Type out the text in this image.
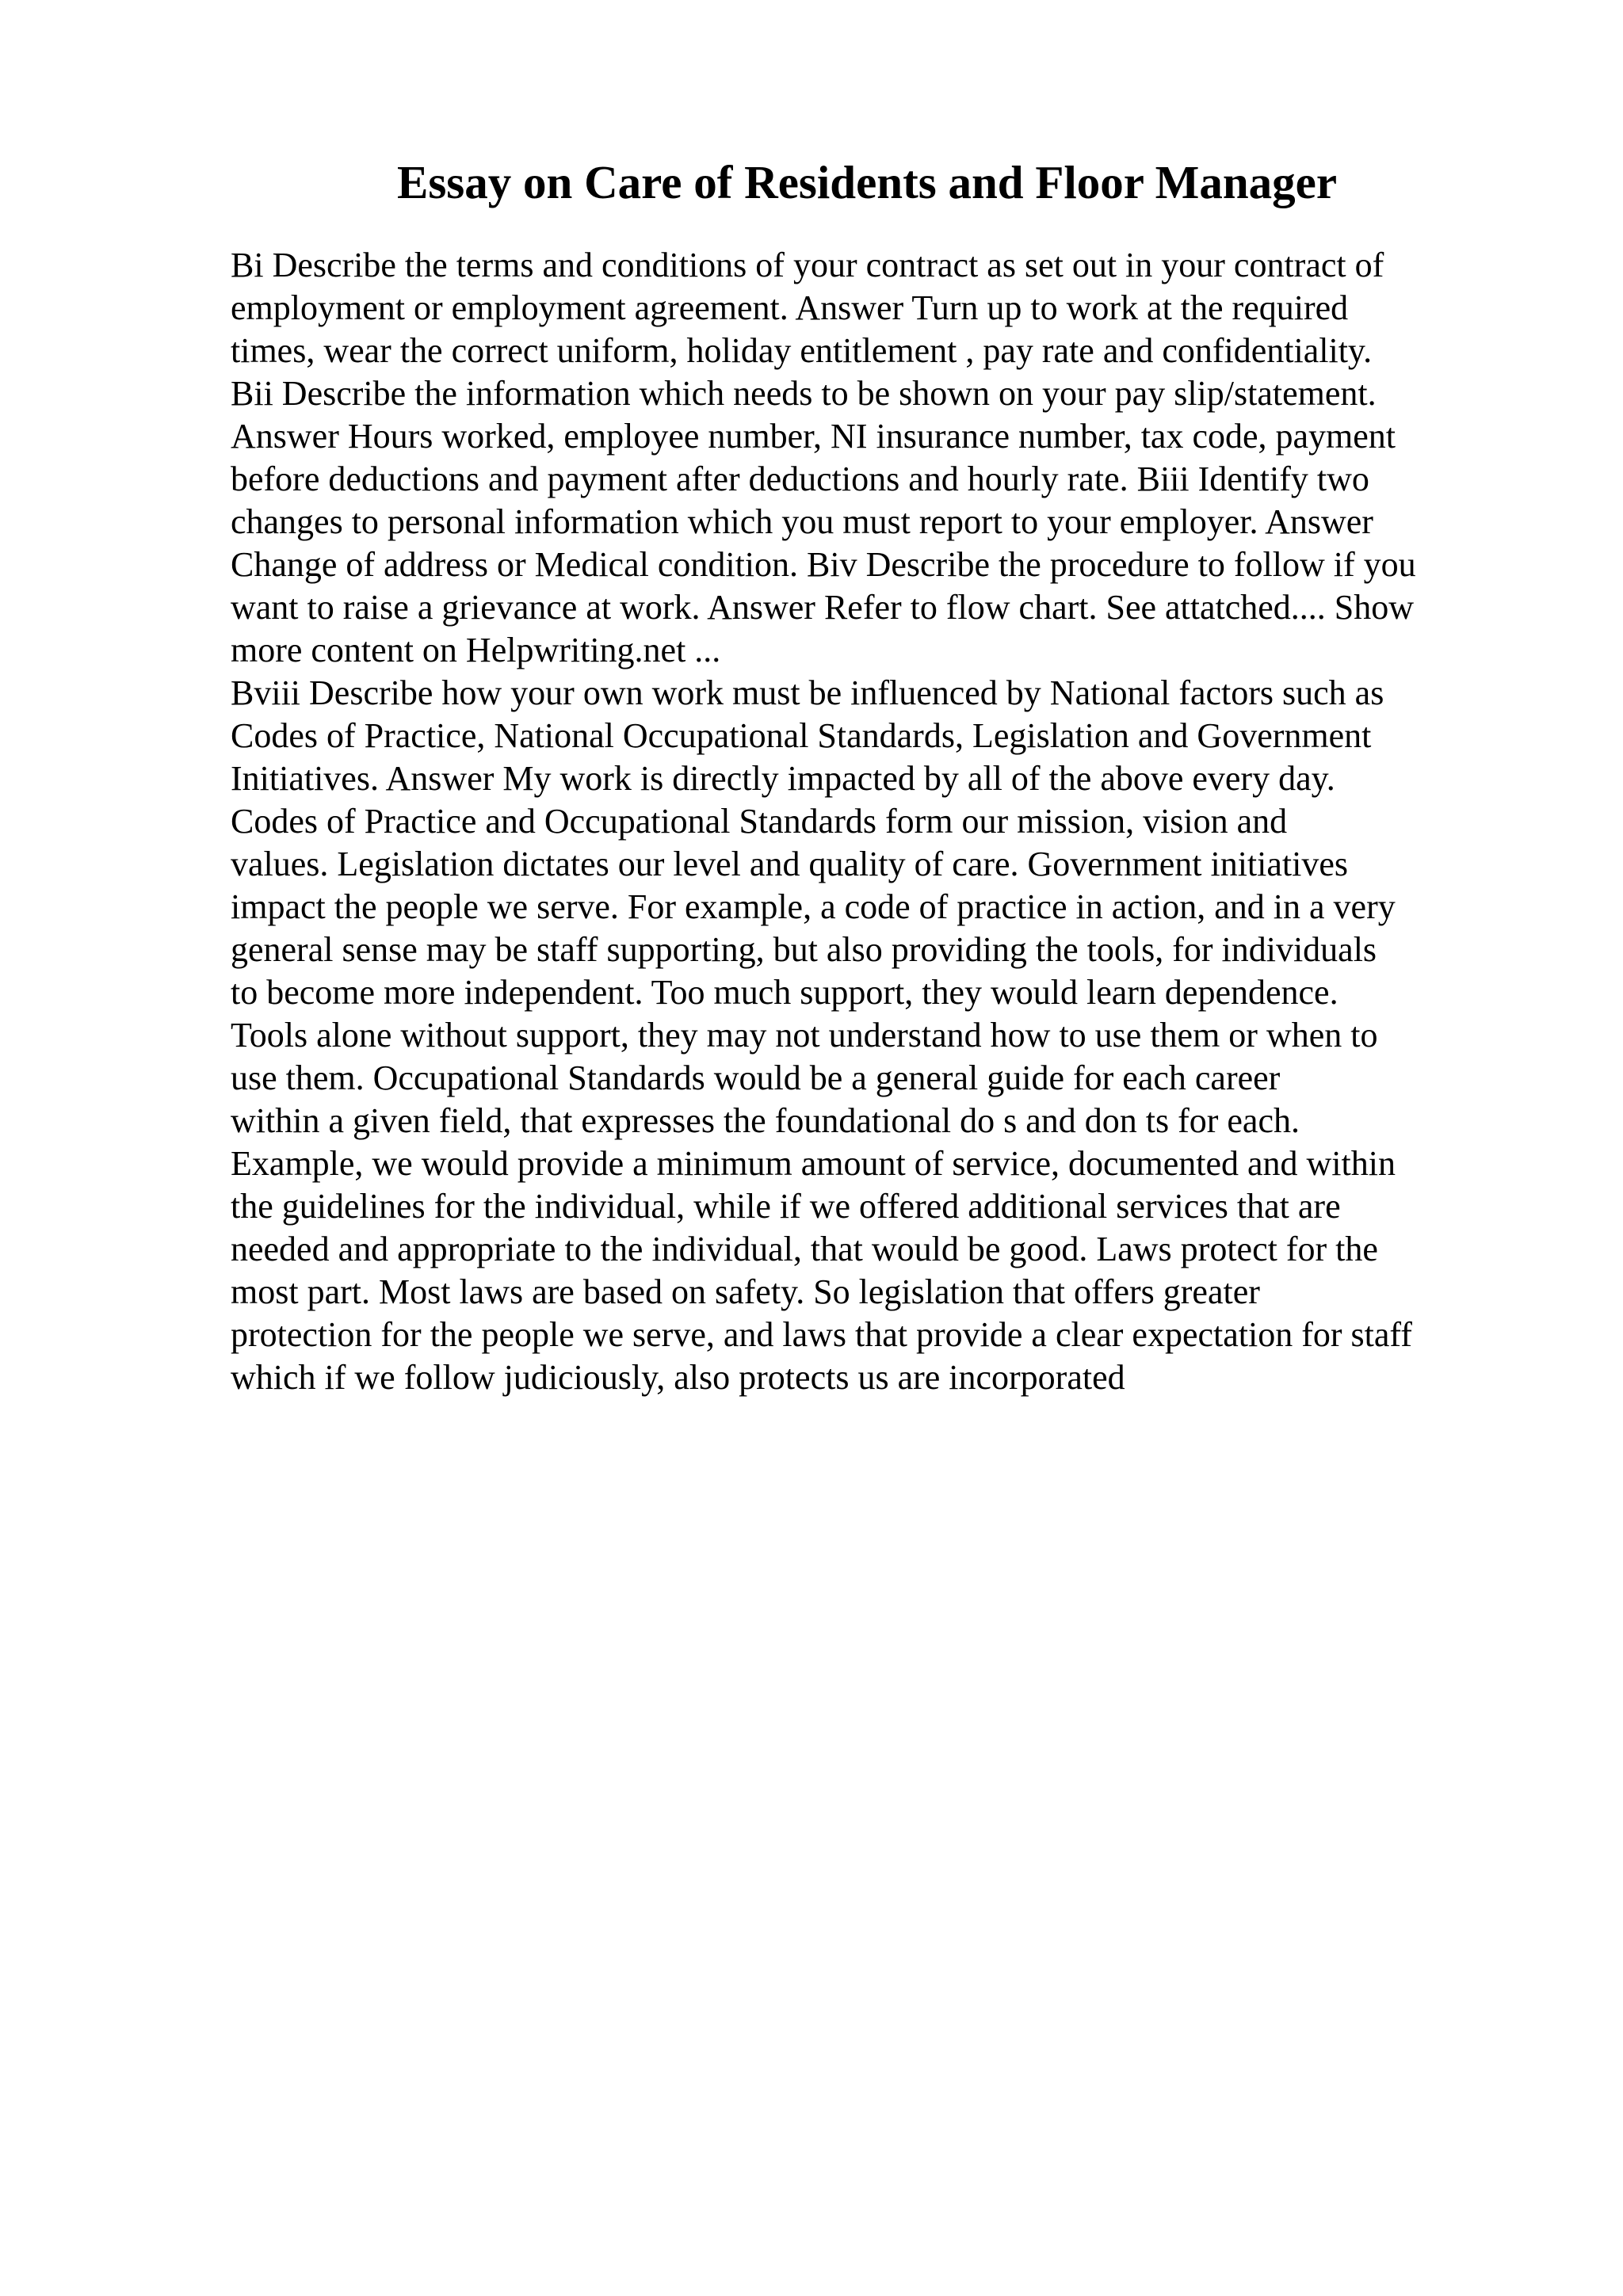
Essay on Care of Residents and Floor Manager
Bi Describe the terms and conditions of your contract as set out in your contract of
employment or employment agreement. Answer Turn up to work at the required
times, wear the correct uniform, holiday entitlement , pay rate and confidentiality.
Bii Describe the information which needs to be shown on your pay slip/statement.
Answer Hours worked, employee number, NI insurance number, tax code, payment
before deductions and payment after deductions and hourly rate. Biii Identify two
changes to personal information which you must report to your employer. Answer
Change of address or Medical condition. Biv Describe the procedure to follow if you
want to raise a grievance at work. Answer Refer to flow chart. See attatched.... Show
more content on Helpwriting.net ...
Bviii Describe how your own work must be influenced by National factors such as
Codes of Practice, National Occupational Standards, Legislation and Government
Initiatives. Answer My work is directly impacted by all of the above every day.
Codes of Practice and Occupational Standards form our mission, vision and
values. Legislation dictates our level and quality of care. Government initiatives
impact the people we serve. For example, a code of practice in action, and in a very
general sense may be staff supporting, but also providing the tools, for individuals
to become more independent. Too much support, they would learn dependence.
Tools alone without support, they may not understand how to use them or when to
use them. Occupational Standards would be a general guide for each career
within a given field, that expresses the foundational do s and don ts for each.
Example, we would provide a minimum amount of service, documented and within
the guidelines for the individual, while if we offered additional services that are
needed and appropriate to the individual, that would be good. Laws protect for the
most part. Most laws are based on safety. So legislation that offers greater
protection for the people we serve, and laws that provide a clear expectation for staff
which if we follow judiciously, also protects us are incorporated
